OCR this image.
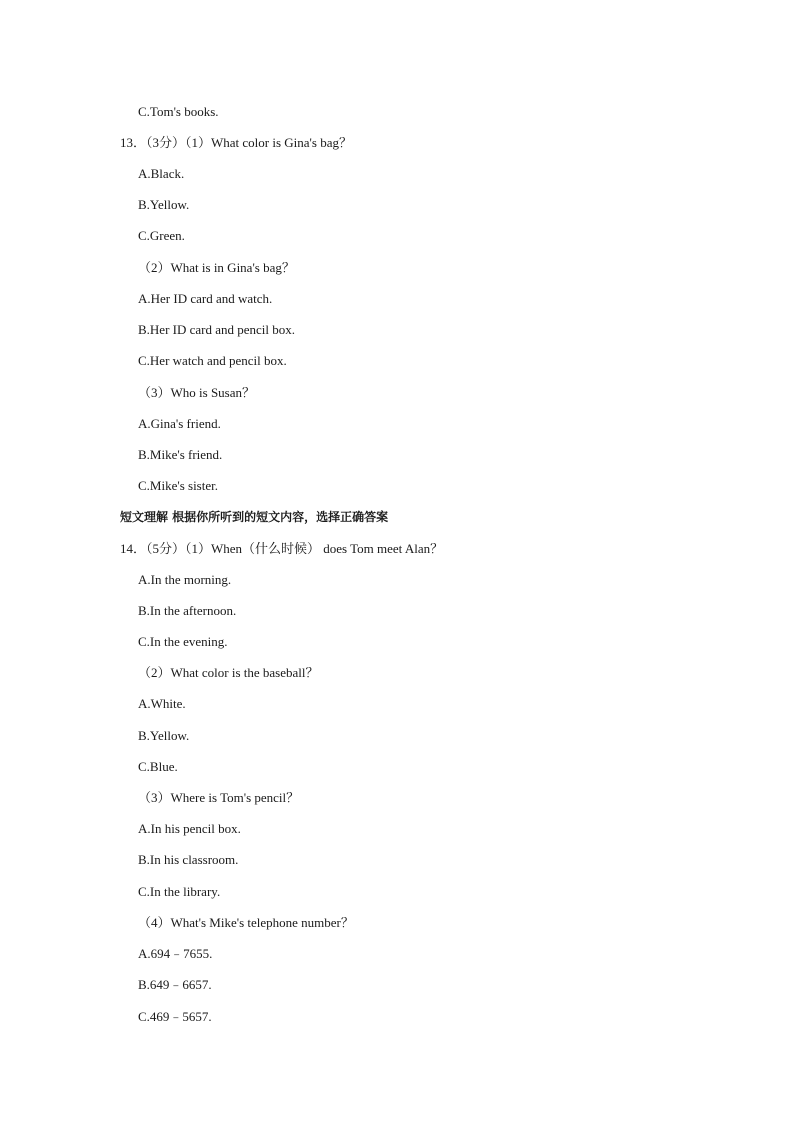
C.Tom's books.
13．（3分）（1）What color is Gina's bag？
A.Black.
B.Yellow.
C.Green.
（2）What is in Gina's bag？
A.Her ID card and watch.
B.Her ID card and pencil box.
C.Her watch and pencil box.
（3）Who is Susan？
A.Gina's friend.
B.Mike's friend.
C.Mike's sister.
短文理解 根据你所听到的短文内容，选择正确答案
14．（5分）（1）When（什么时候） does Tom meet Alan？
A.In the morning.
B.In the afternoon.
C.In the evening.
（2）What color is the baseball？
A.White.
B.Yellow.
C.Blue.
（3）Where is Tom's pencil？
A.In his pencil box.
B.In his classroom.
C.In the library.
（4）What's Mike's telephone number？
A.694﹣7655.
B.649﹣6657.
C.469﹣5657.
